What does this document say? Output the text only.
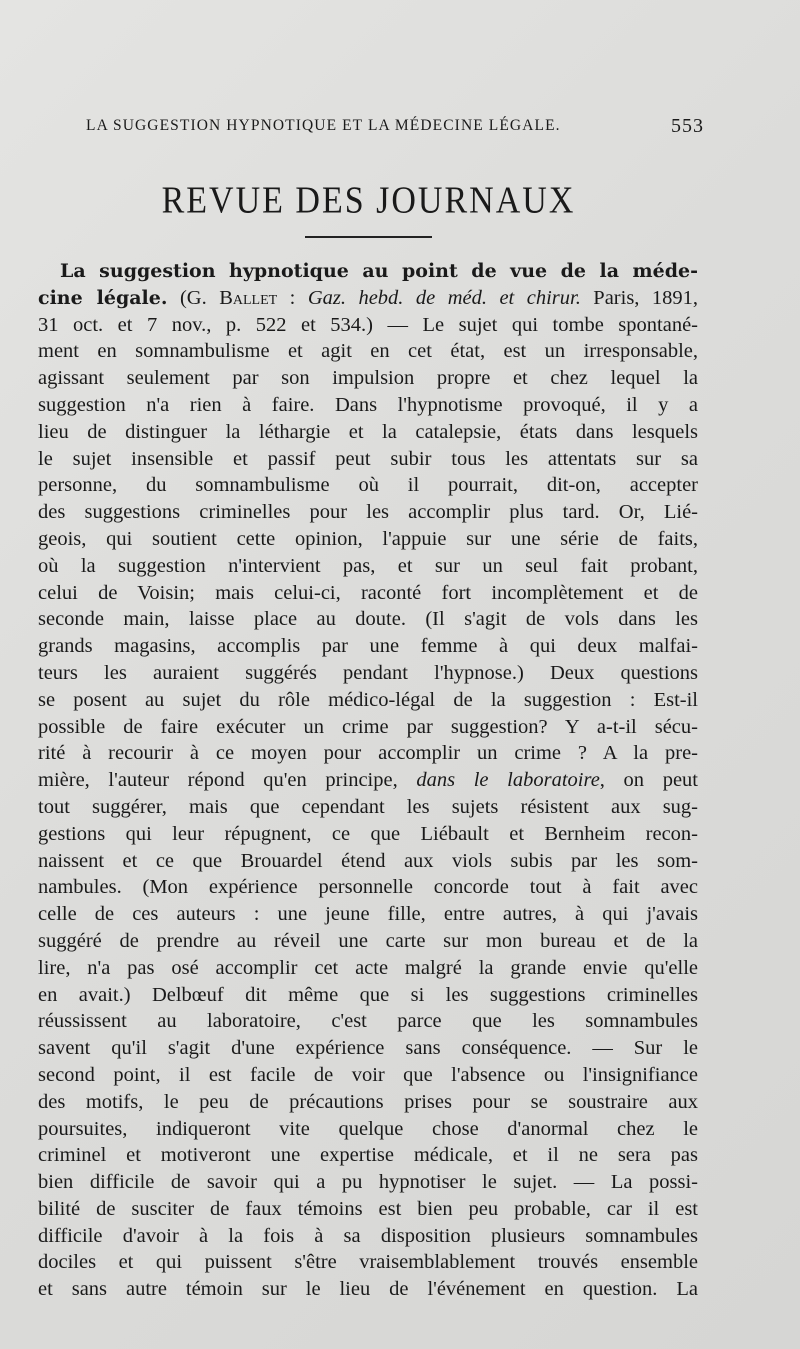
LA SUGGESTION HYPNOTIQUE ET LA MÉDECINE LÉGALE.	553
REVUE DES JOURNAUX
La suggestion hypnotique au point de vue de la méde-
cine légale. (G. Ballet : Gaz. hebd. de méd. et chirur. Paris, 1891,
31 oct. et 7 nov., p. 522 et 534.) — Le sujet qui tombe spontané-
ment en somnambulisme et agit en cet état, est un irresponsable,
agissant seulement par son impulsion propre et chez lequel la
suggestion n'a rien à faire. Dans l'hypnotisme provoqué, il y a
lieu de distinguer la léthargie et la catalepsie, états dans lesquels
le sujet insensible et passif peut subir tous les attentats sur sa
personne, du somnambulisme où il pourrait, dit-on, accepter
des suggestions criminelles pour les accomplir plus tard. Or, Lié-
geois, qui soutient cette opinion, l'appuie sur une série de faits,
où la suggestion n'intervient pas, et sur un seul fait probant,
celui de Voisin; mais celui-ci, raconté fort incomplètement et de
seconde main, laisse place au doute. (Il s'agit de vols dans les
grands magasins, accomplis par une femme à qui deux malfai-
teurs les auraient suggérés pendant l'hypnose.) Deux questions
se posent au sujet du rôle médico-légal de la suggestion : Est-il
possible de faire exécuter un crime par suggestion? Y a-t-il sécu-
rité à recourir à ce moyen pour accomplir un crime ? A la pre-
mière, l'auteur répond qu'en principe, dans le laboratoire, on peut
tout suggérer, mais que cependant les sujets résistent aux sug-
gestions qui leur répugnent, ce que Liébault et Bernheim recon-
naissent et ce que Brouardel étend aux viols subis par les som-
nambules. (Mon expérience personnelle concorde tout à fait avec
celle de ces auteurs : une jeune fille, entre autres, à qui j'avais
suggéré de prendre au réveil une carte sur mon bureau et de la
lire, n'a pas osé accomplir cet acte malgré la grande envie qu'elle
en avait.) Delbœuf dit même que si les suggestions criminelles
réussissent au laboratoire, c'est parce que les somnambules
savent qu'il s'agit d'une expérience sans conséquence. — Sur le
second point, il est facile de voir que l'absence ou l'insignifiance
des motifs, le peu de précautions prises pour se soustraire aux
poursuites, indiqueront vite quelque chose d'anormal chez le
criminel et motiveront une expertise médicale, et il ne sera pas
bien difficile de savoir qui a pu hypnotiser le sujet. — La possi-
bilité de susciter de faux témoins est bien peu probable, car il est
difficile d'avoir à la fois à sa disposition plusieurs somnambules
dociles et qui puissent s'être vraisemblablement trouvés ensemble
et sans autre témoin sur le lieu de l'événement en question. La
